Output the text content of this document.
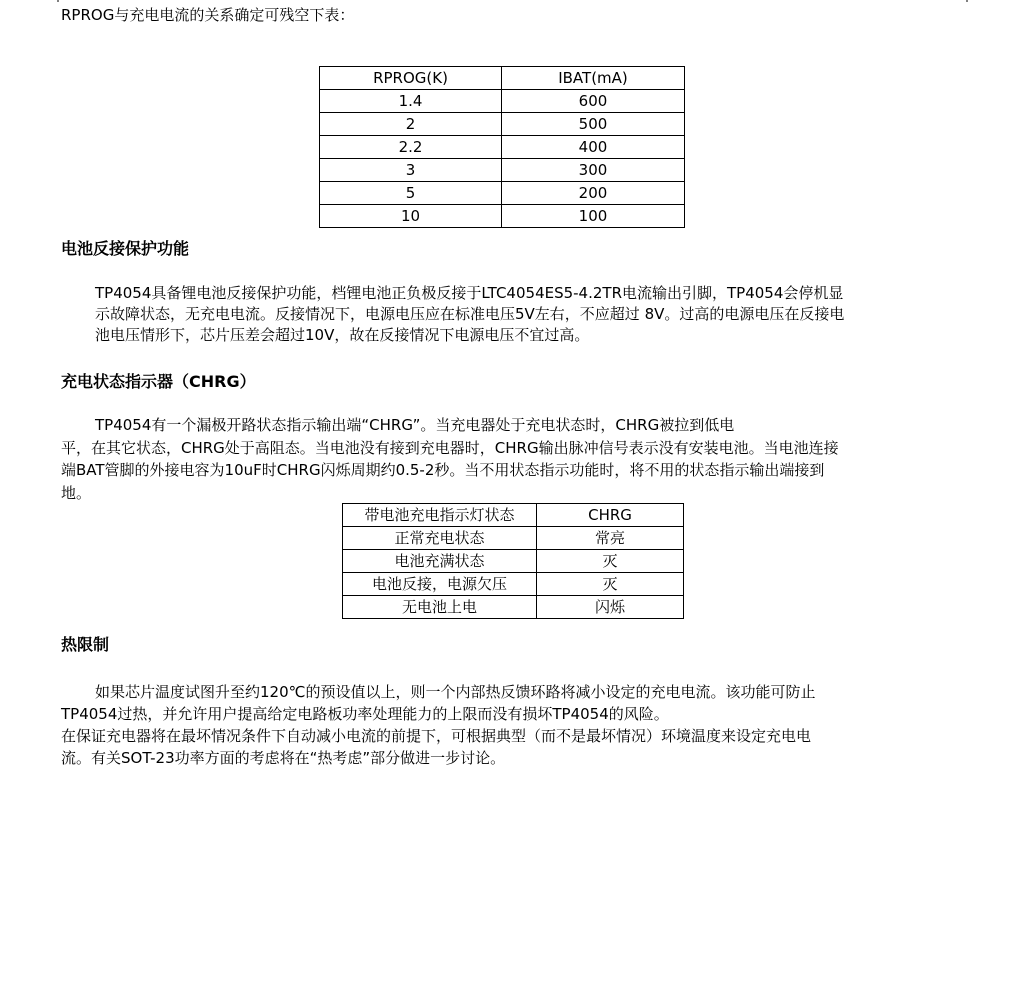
RPROG与充电电流的关系确定可残空下表：

RPROG(K)	IBAT(mA)
1.4	600
2	500
2.2	400
3	300
5	200
10	100
电池反接保护功能

TP4054具备锂电池反接保护功能，档锂电池正负极反接于LTC4054ES5-4.2TR电流输出引脚，TP4054会停机显

示故障状态，无充电电流。反接情况下，电源电压应在标准电压5V左右，不应超过 8V。过高的电源电压在反接电

池电压情形下，芯片压差会超过10V，故在反接情况下电源电压不宜过高。

充电状态指示器（CHRG）

TP4054有一个漏极开路状态指示输出端“CHRG”。当充电器处于充电状态时，CHRG被拉到低电

平，在其它状态，CHRG处于高阻态。当电池没有接到充电器时，CHRG输出脉冲信号表示没有安装电池。当电池连接

端BAT管脚的外接电容为10uF时CHRG闪烁周期约0.5-2秒。当不用状态指示功能时，将不用的状态指示输出端接到

地。

带电池充电指示灯状态	CHRG
正常充电状态	常亮
电池充满状态	灭
电池反接，电源欠压	灭
无电池上电	闪烁
热限制

如果芯片温度试图升至约120℃的预设值以上，则一个内部热反馈环路将减小设定的充电电流。该功能可防止

TP4054过热，并允许用户提高给定电路板功率处理能力的上限而没有损坏TP4054的风险。

在保证充电器将在最坏情况条件下自动减小电流的前提下，可根据典型（而不是最坏情况）环境温度来设定充电电

流。有关SOT-23功率方面的考虑将在“热考虑”部分做进一步讨论。
